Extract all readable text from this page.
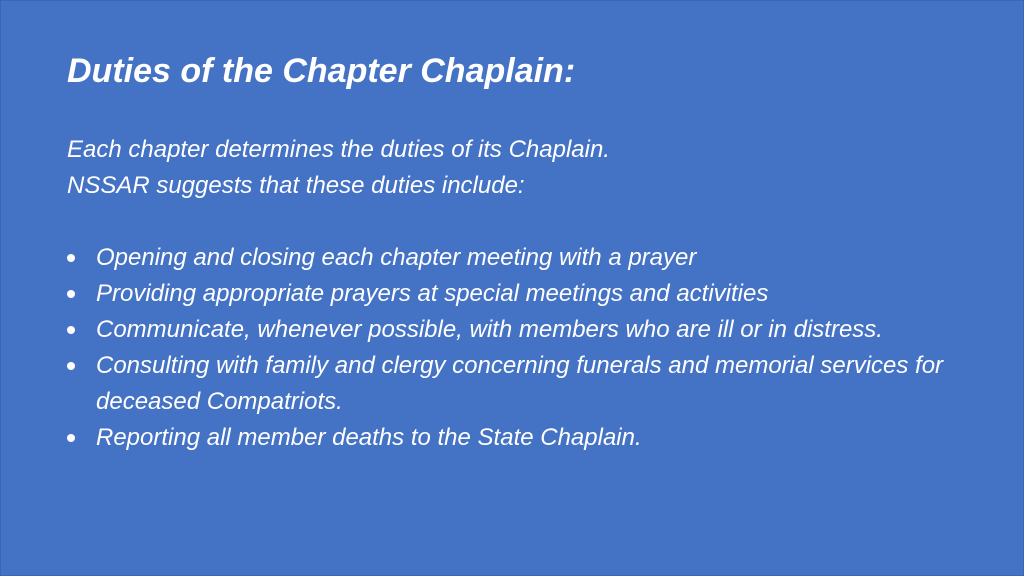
Duties of the Chapter Chaplain:

Each chapter determines the duties of its Chaplain.
NSSAR suggests that these duties include:

Opening and closing each chapter meeting with a prayer
Providing appropriate prayers at special meetings and activities
Communicate, whenever possible, with members who are ill or in distress.
Consulting with family and clergy concerning funerals and memorial services for deceased Compatriots.
Reporting all member deaths to the State Chaplain.
